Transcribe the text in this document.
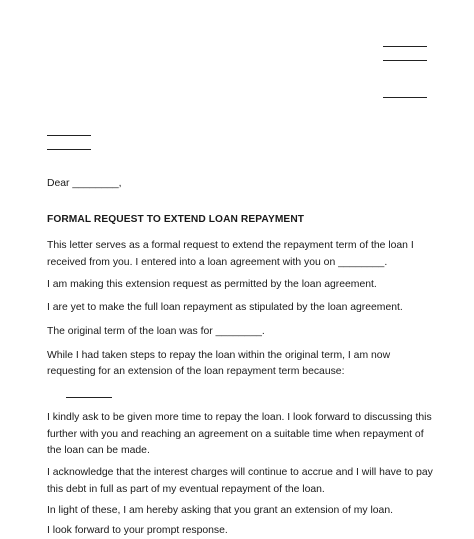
Dear ________,

FORMAL REQUEST TO EXTEND LOAN REPAYMENT

This letter serves as a formal request to extend the repayment term of the loan I

received from you. I entered into a loan agreement with you on ________.

I am making this extension request as permitted by the loan agreement.

I are yet to make the full loan repayment as stipulated by the loan agreement.

The original term of the loan was for ________.

While I had taken steps to repay the loan within the original term, I am now

requesting for an extension of the loan repayment term because:

I kindly ask to be given more time to repay the loan. I look forward to discussing this

further with you and reaching an agreement on a suitable time when repayment of

the loan can be made.

I acknowledge that the interest charges will continue to accrue and I will have to pay

this debt in full as part of my eventual repayment of the loan.

In light of these, I am hereby asking that you grant an extension of my loan.

I look forward to your prompt response.
